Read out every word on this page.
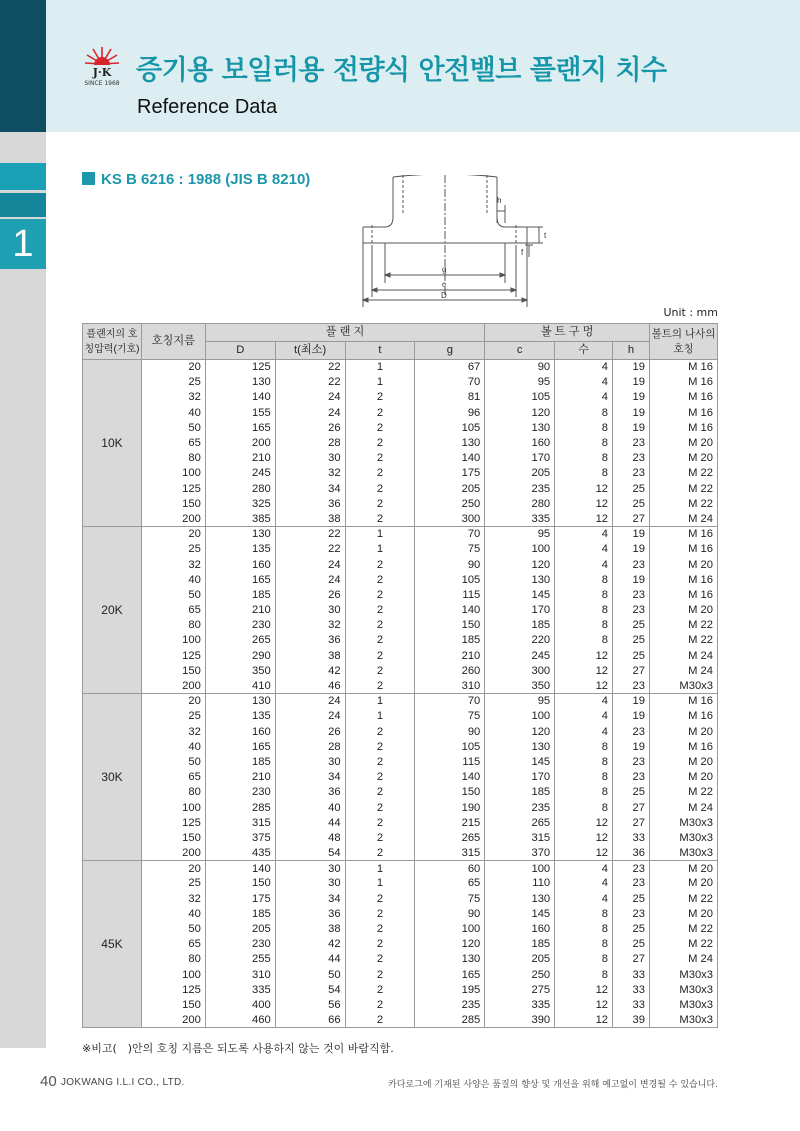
1
J·K
SINCE 1968 증기용 보일러용 전량식 안전밸브 플랜지 치수
Reference Data
KS B 6216 : 1988 (JIS B 8210)
h
t
f
g
c
D
Unit : mm
플랜지의 호칭압력(기호)	호칭지름	플 랜 지				볼 트 구 멍			볼트의 나사의 호칭
		D	t(최소)	t	g	c	수	h	
10K	20	125	22	1	67	90	4	19	M 16
	25	130	22	1	70	95	4	19	M 16
	32	140	24	2	81	105	4	19	M 16
	40	155	24	2	96	120	8	19	M 16
	50	165	26	2	105	130	8	19	M 16
	65	200	28	2	130	160	8	23	M 20
	80	210	30	2	140	170	8	23	M 20
	100	245	32	2	175	205	8	23	M 22
	125	280	34	2	205	235	12	25	M 22
	150	325	36	2	250	280	12	25	M 22
	200	385	38	2	300	335	12	27	M 24
20K	20	130	22	1	70	95	4	19	M 16
	25	135	22	1	75	100	4	19	M 16
	32	160	24	2	90	120	4	23	M 20
	40	165	24	2	105	130	8	19	M 16
	50	185	26	2	115	145	8	23	M 16
	65	210	30	2	140	170	8	23	M 20
	80	230	32	2	150	185	8	25	M 22
	100	265	36	2	185	220	8	25	M 22
	125	290	38	2	210	245	12	25	M 24
	150	350	42	2	260	300	12	27	M 24
	200	410	46	2	310	350	12	23	M30x3
30K	20	130	24	1	70	95	4	19	M 16
	25	135	24	1	75	100	4	19	M 16
	32	160	26	2	90	120	4	23	M 20
	40	165	28	2	105	130	8	19	M 16
	50	185	30	2	115	145	8	23	M 20
	65	210	34	2	140	170	8	23	M 20
	80	230	36	2	150	185	8	25	M 22
	100	285	40	2	190	235	8	27	M 24
	125	315	44	2	215	265	12	27	M30x3
	150	375	48	2	265	315	12	33	M30x3
	200	435	54	2	315	370	12	36	M30x3
45K	20	140	30	1	60	100	4	23	M 20
	25	150	30	1	65	110	4	23	M 20
	32	175	34	2	75	130	4	25	M 22
	40	185	36	2	90	145	8	23	M 20
	50	205	38	2	100	160	8	25	M 22
	65	230	42	2	120	185	8	25	M 22
	80	255	44	2	130	205	8	27	M 24
	100	310	50	2	165	250	8	33	M30x3
	125	335	54	2	195	275	12	33	M30x3
	150	400	56	2	235	335	12	33	M30x3
	200	460	66	2	285	390	12	39	M30x3
※비고(　)안의 호칭 지름은 되도록 사용하지 않는 것이 바람직함.
40 JOKWANG I.L.I CO., LTD.	카다로그에 기재된 사양은 품질의 향상 및 개선을 위해 예고없이 변경될 수 있습니다.
